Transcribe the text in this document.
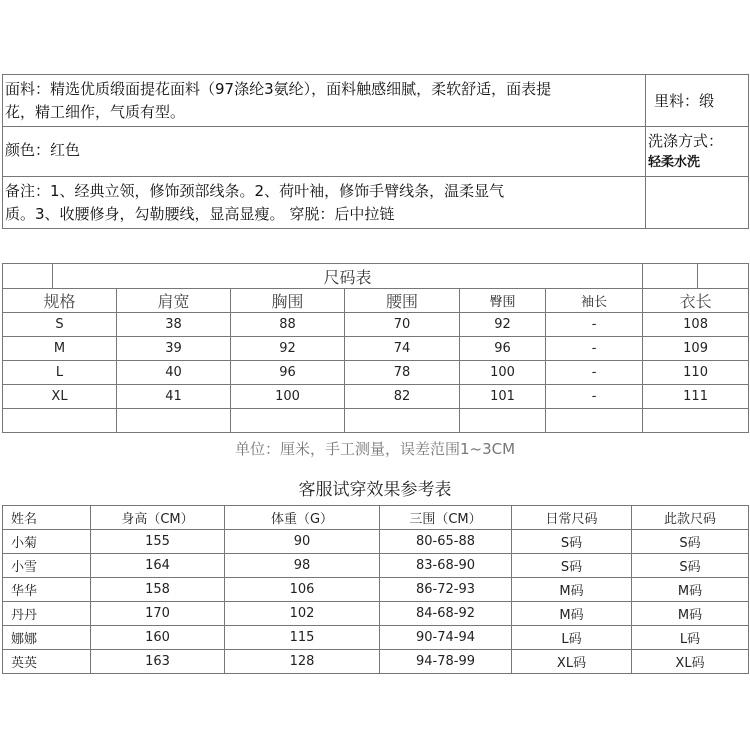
面料：精选优质缎面提花面料（97涤纶3氨纶），面料触感细腻，柔软舒适，面表提
花，精工细作，气质有型。	里料：缎
颜色：红色	洗涤方式：
轻柔水洗

备注：1、经典立领，修饰颈部线条。2、荷叶袖，修饰手臂线条，温柔显气
质。3、收腰修身，勾勒腰线，显高显瘦。 穿脱：后中拉链	

	尺码表							
规格		肩宽	胸围	腰围	臀围	袖长	衣长	
S		38	88	70	92	-	108	
M		39	92	74	96	-	109	
L		40	96	78	100	-	110	
XL		41	100	82	101	-	111	

单位：厘米，手工测量，误差范围1~3CM
客服试穿效果参考表
姓名	身高（CM）	体重（G）	三围（CM）	日常尺码	此款尺码
小菊	155	90	80-65-88	S码	S码
小雪	164	98	83-68-90	S码	S码
华华	158	106	86-72-93	M码	M码
丹丹	170	102	84-68-92	M码	M码
娜娜	160	115	90-74-94	L码	L码
英英	163	128	94-78-99	XL码	XL码
